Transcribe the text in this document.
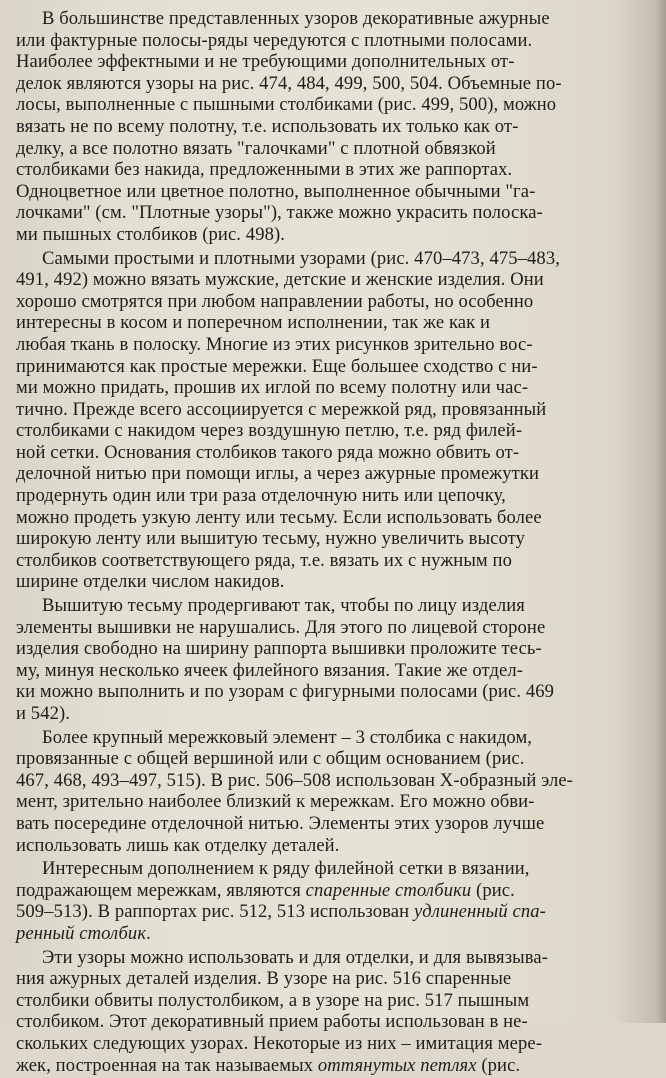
В большинстве представленных узоров декоративные ажурные
или фактурные полосы-ряды чередуются с плотными полосами.
Наиболее эффектными и не требующими дополнительных от-
делок являются узоры на рис. 474, 484, 499, 500, 504. Объемные по-
лосы, выполненные с пышными столбиками (рис. 499, 500), можно
вязать не по всему полотну, т.е. использовать их только как от-
делку, а все полотно вязать "галочками" с плотной обвязкой
столбиками без накида, предложенными в этих же раппортах.
Одноцветное или цветное полотно, выполненное обычными "га-
лочками" (см. "Плотные узоры"), также можно украсить полоска-
ми пышных столбиков (рис. 498).
Самыми простыми и плотными узорами (рис. 470–473, 475–483,
491, 492) можно вязать мужские, детские и женские изделия. Они
хорошо смотрятся при любом направлении работы, но особенно
интересны в косом и поперечном исполнении, так же как и
любая ткань в полоску. Многие из этих рисунков зрительно вос-
принимаются как простые мережки. Еще большее сходство с ни-
ми можно придать, прошив их иглой по всему полотну или час-
тично. Прежде всего ассоциируется с мережкой ряд, провязанный
столбиками с накидом через воздушную петлю, т.е. ряд филей-
ной сетки. Основания столбиков такого ряда можно обвить от-
делочной нитью при помощи иглы, а через ажурные промежутки
продернуть один или три раза отделочную нить или цепочку,
можно продеть узкую ленту или тесьму. Если использовать более
широкую ленту или вышитую тесьму, нужно увеличить высоту
столбиков соответствующего ряда, т.е. вязать их с нужным по
ширине отделки числом накидов.
Вышитую тесьму продергивают так, чтобы по лицу изделия
элементы вышивки не нарушались. Для этого по лицевой стороне
изделия свободно на ширину раппорта вышивки проложите тесь-
му, минуя несколько ячеек филейного вязания. Такие же отдел-
ки можно выполнить и по узорам с фигурными полосами (рис. 469
и 542).
Более крупный мережковый элемент – 3 столбика с накидом,
провязанные с общей вершиной или с общим основанием (рис.
467, 468, 493–497, 515). В рис. 506–508 использован Х-образный эле-
мент, зрительно наиболее близкий к мережкам. Его можно обви-
вать посередине отделочной нитью. Элементы этих узоров лучше
использовать лишь как отделку деталей.
Интересным дополнением к ряду филейной сетки в вязании,
подражающем мережкам, являются спаренные столбики (рис.
509–513). В раппортах рис. 512, 513 использован удлиненный спа-
ренный столбик.
Эти узоры можно использовать и для отделки, и для вывязыва-
ния ажурных деталей изделия. В узоре на рис. 516 спаренные
столбики обвиты полустолбиком, а в узоре на рис. 517 пышным
столбиком. Этот декоративный прием работы использован в не-
скольких следующих узорах. Некоторые из них – имитация мере-
жек, построенная на так называемых оттянутых петлях (рис.
